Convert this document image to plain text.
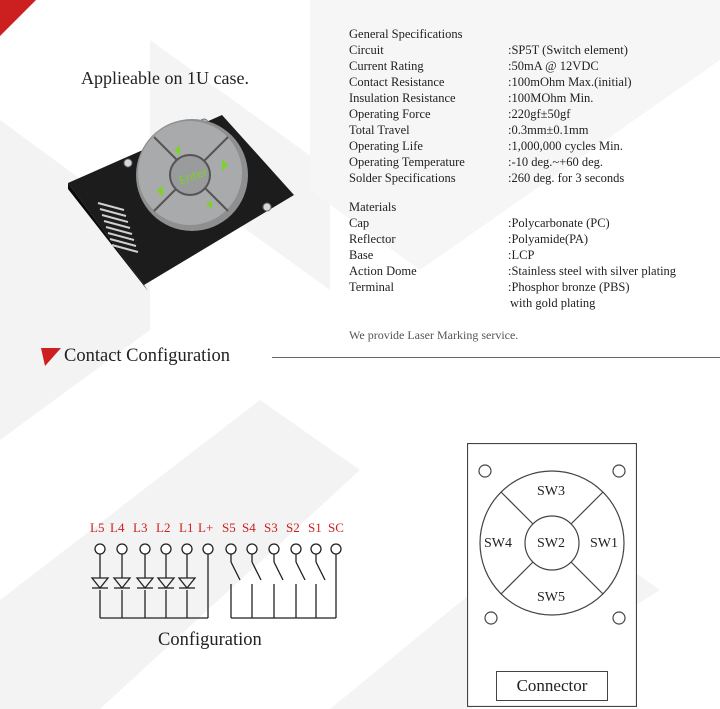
Applieable on 1U case.
Enter
General Specifications
Circuit	:SP5T (Switch element)
Current Rating	:50mA @ 12VDC
Contact Resistance	:100mOhm Max.(initial)
Insulation Resistance	:100MOhm Min.
Operating Force	:220gf±50gf
Total Travel	:0.3mm±0.1mm
Operating Life	:1,000,000 cycles Min.
Operating Temperature	:-10 deg.~+60 deg.
Solder Specifications	:260 deg. for 3 seconds
Materials
Cap	:Polycarbonate (PC)
Reflector	:Polyamide(PA)
Base	:LCP
Action Dome	:Stainless steel with silver plating
Terminal	:Phosphor bronze (PBS)
with gold plating
We provide Laser Marking service.
Contact Configuration
L5 L4 L3 L2 L1 L+ S5 S4 S3 S2 S1 SC
Configuration
SW3
SW4 SW2 SW1
SW5
Connector
